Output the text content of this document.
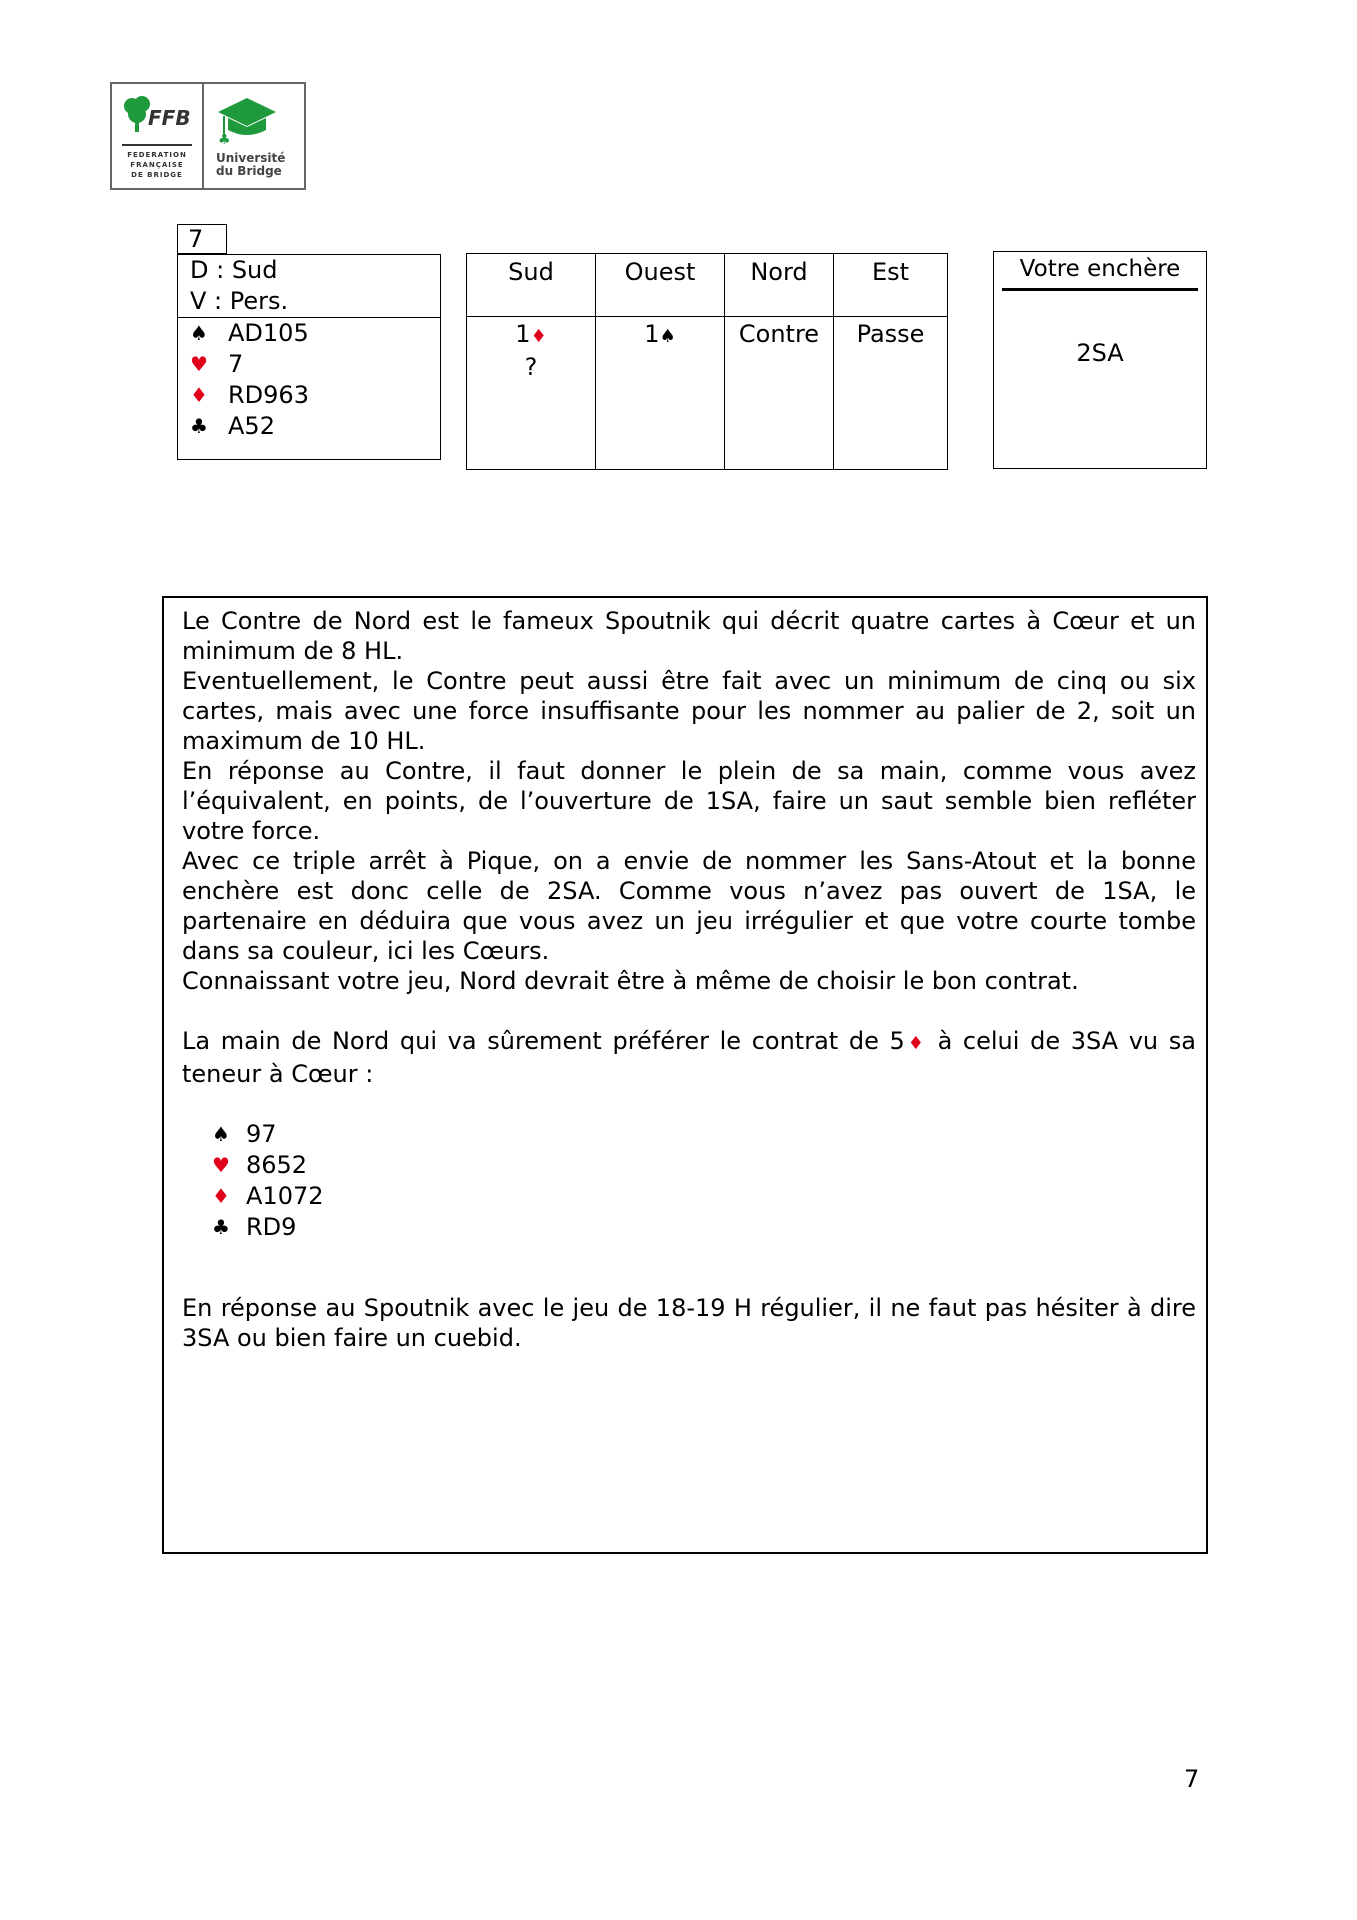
FFB
FEDERATION
FRANÇAISE
DE BRIDGE
♣
Université
du Bridge
7
D : Sud
V : Pers.
♠ AD105
♥ 7
♦ RD963
♣ A52
Sud	Ouest	Nord	Est

1♦
?	1♠	Contre	Passe
Votre enchère
2SA

Le Contre de Nord est le fameux Spoutnik qui décrit quatre cartes à Cœur et un minimum de 8 HL.

Eventuellement, le Contre peut aussi être fait avec un minimum de cinq ou six cartes, mais avec une force insuffisante pour les nommer au palier de 2, soit un maximum de 10 HL.

En réponse au Contre, il faut donner le plein de sa main, comme vous avez l’équivalent, en points, de l’ouverture de 1SA, faire un saut semble bien refléter votre force.

Avec ce triple arrêt à Pique, on a envie de nommer les Sans-Atout et la bonne enchère est donc celle de 2SA. Comme vous n’avez pas ouvert de 1SA, le partenaire en déduira que vous avez un jeu irrégulier et que votre courte tombe dans sa couleur, ici les Cœurs.

Connaissant votre jeu, Nord devrait être à même de choisir le bon contrat.

La main de Nord qui va sûrement préférer le contrat de 5♦ à celui de 3SA vu sa teneur à Cœur :

♠ 97
♥ 8652
♦ A1072
♣ RD9

En réponse au Spoutnik avec le jeu de 18-19 H régulier, il ne faut pas hésiter à dire 3SA ou bien faire un cuebid.

7
